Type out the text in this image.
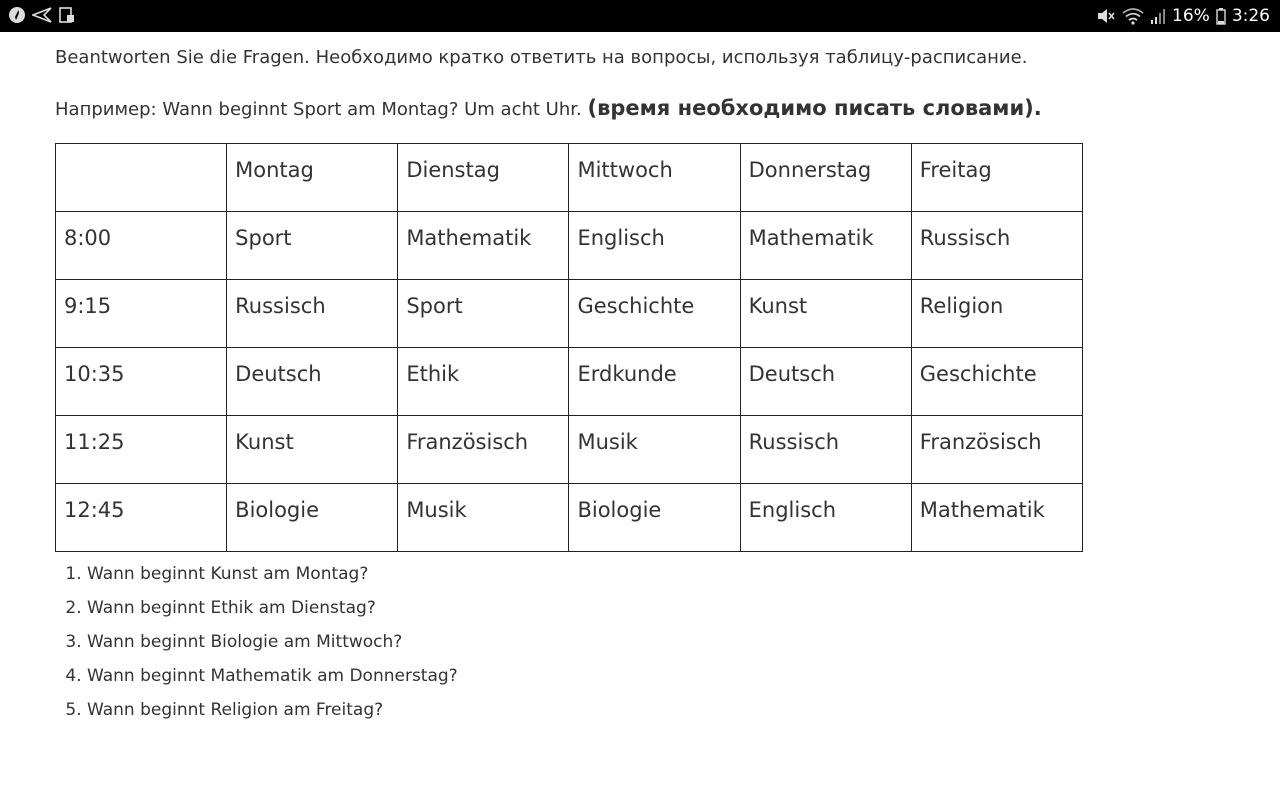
16% 3:26
Beantworten Sie die Fragen. Необходимо кратко ответить на вопросы, используя таблицу-расписание.
Например: Wann beginnt Sport am Montag? Um acht Uhr. (время необходимо писать словами).
	Montag	Dienstag	Mittwoch	Donnerstag	Freitag
8:00	Sport	Mathematik	Englisch	Mathematik	Russisch
9:15	Russisch	Sport	Geschichte	Kunst	Religion
10:35	Deutsch	Ethik	Erdkunde	Deutsch	Geschichte
11:25	Kunst	Französisch	Musik	Russisch	Französisch
12:45	Biologie	Musik	Biologie	Englisch	Mathematik
1. Wann beginnt Kunst am Montag?
2. Wann beginnt Ethik am Dienstag?
3. Wann beginnt Biologie am Mittwoch?
4. Wann beginnt Mathematik am Donnerstag?
5. Wann beginnt Religion am Freitag?
